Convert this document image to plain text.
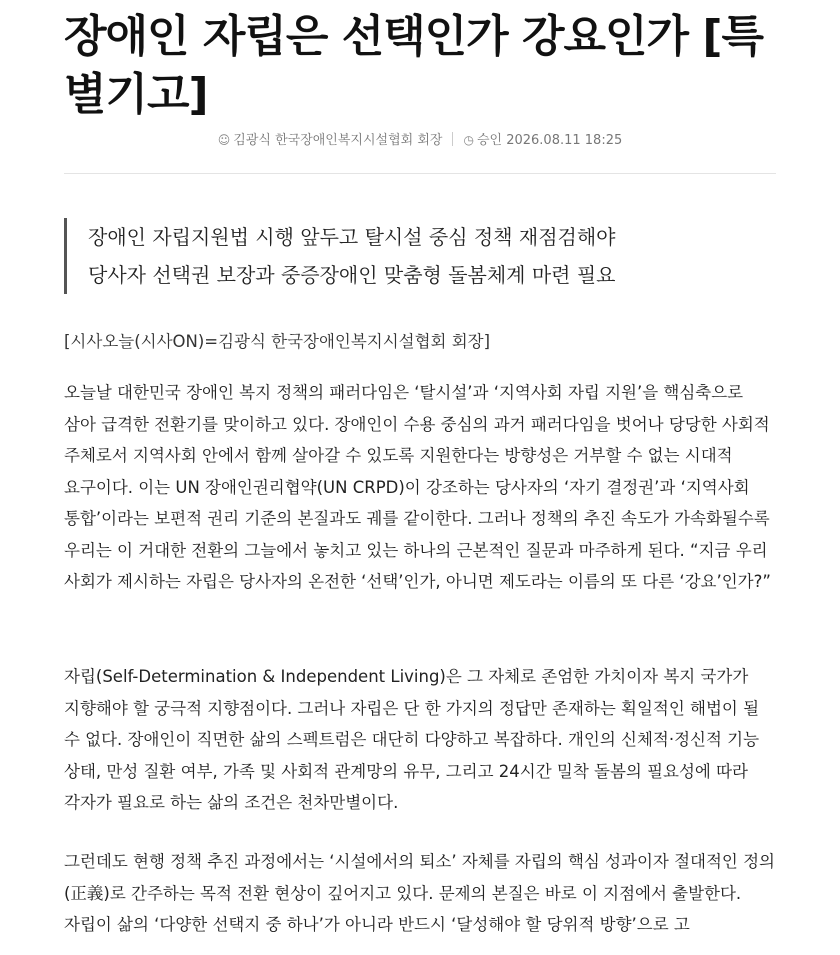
장애인 자립은 선택인가 강요인가 [특별기고]
☺ 김광식 한국장애인복지시설협회 회장 ◷ 승인 2026.08.11 18:25

장애인 자립지원법 시행 앞두고 탈시설 중심 정책 재점검해야

당사자 선택권 보장과 중증장애인 맞춤형 돌봄체계 마련 필요

[시사오늘(시사ON)=김광식 한국장애인복지시설협회 회장]

오늘날 대한민국 장애인 복지 정책의 패러다임은 ‘탈시설’과 ‘지역사회 자립 지원’을 핵심축으로 삼아 급격한 전환기를 맞이하고 있다. 장애인이 수용 중심의 과거 패러다임을 벗어나 당당한 사회적 주체로서 지역사회 안에서 함께 살아갈 수 있도록 지원한다는 방향성은 거부할 수 없는 시대적 요구이다. 이는 UN 장애인권리협약(UN CRPD)이 강조하는 당사자의 ‘자기 결정권’과 ‘지역사회 통합’이라는 보편적 권리 기준의 본질과도 궤를 같이한다. 그러나 정책의 추진 속도가 가속화될수록 우리는 이 거대한 전환의 그늘에서 놓치고 있는 하나의 근본적인 질문과 마주하게 된다. “지금 우리 사회가 제시하는 자립은 당사자의 온전한 ‘선택’인가, 아니면 제도라는 이름의 또 다른 ‘강요’인가?”

자립(Self-Determination & Independent Living)은 그 자체로 존엄한 가치이자 복지 국가가 지향해야 할 궁극적 지향점이다. 그러나 자립은 단 한 가지의 정답만 존재하는 획일적인 해법이 될 수 없다. 장애인이 직면한 삶의 스펙트럼은 대단히 다양하고 복잡하다. 개인의 신체적·정신적 기능 상태, 만성 질환 여부, 가족 및 사회적 관계망의 유무, 그리고 24시간 밀착 돌봄의 필요성에 따라 각자가 필요로 하는 삶의 조건은 천차만별이다.

그런데도 현행 정책 추진 과정에서는 ‘시설에서의 퇴소’ 자체를 자립의 핵심 성과이자 절대적인 정의(正義)로 간주하는 목적 전환 현상이 깊어지고 있다. 문제의 본질은 바로 이 지점에서 출발한다. 자립이 삶의 ‘다양한 선택지 중 하나’가 아니라 반드시 ‘달성해야 할 당위적 방향’으로 고
